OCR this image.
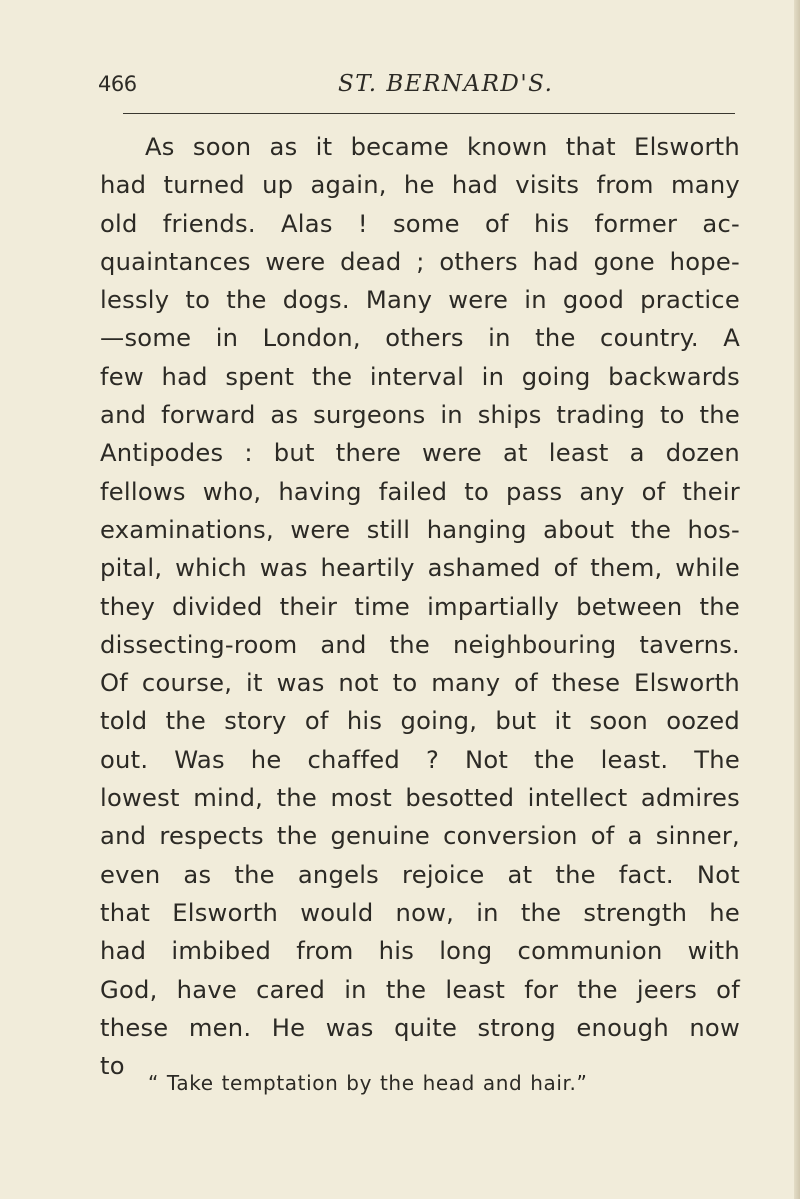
466	ST. BERNARD'S.
As soon as it became known that Elsworth
had turned up again, he had visits from many
old friends. Alas ! some of his former ac-
quaintances were dead ; others had gone hope-
lessly to the dogs. Many were in good practice
—some in London, others in the country. A
few had spent the interval in going backwards
and forward as surgeons in ships trading to the
Antipodes : but there were at least a dozen
fellows who, having failed to pass any of their
examinations, were still hanging about the hos-
pital, which was heartily ashamed of them, while
they divided their time impartially between the
dissecting-room and the neighbouring taverns.
Of course, it was not to many of these Elsworth
told the story of his going, but it soon oozed
out. Was he chaffed ? Not the least. The
lowest mind, the most besotted intellect admires
and respects the genuine conversion of a sinner,
even as the angels rejoice at the fact. Not
that Elsworth would now, in the strength he
had imbibed from his long communion with
God, have cared in the least for the jeers of
these men. He was quite strong enough now
to
“ Take temptation by the head and hair.”
